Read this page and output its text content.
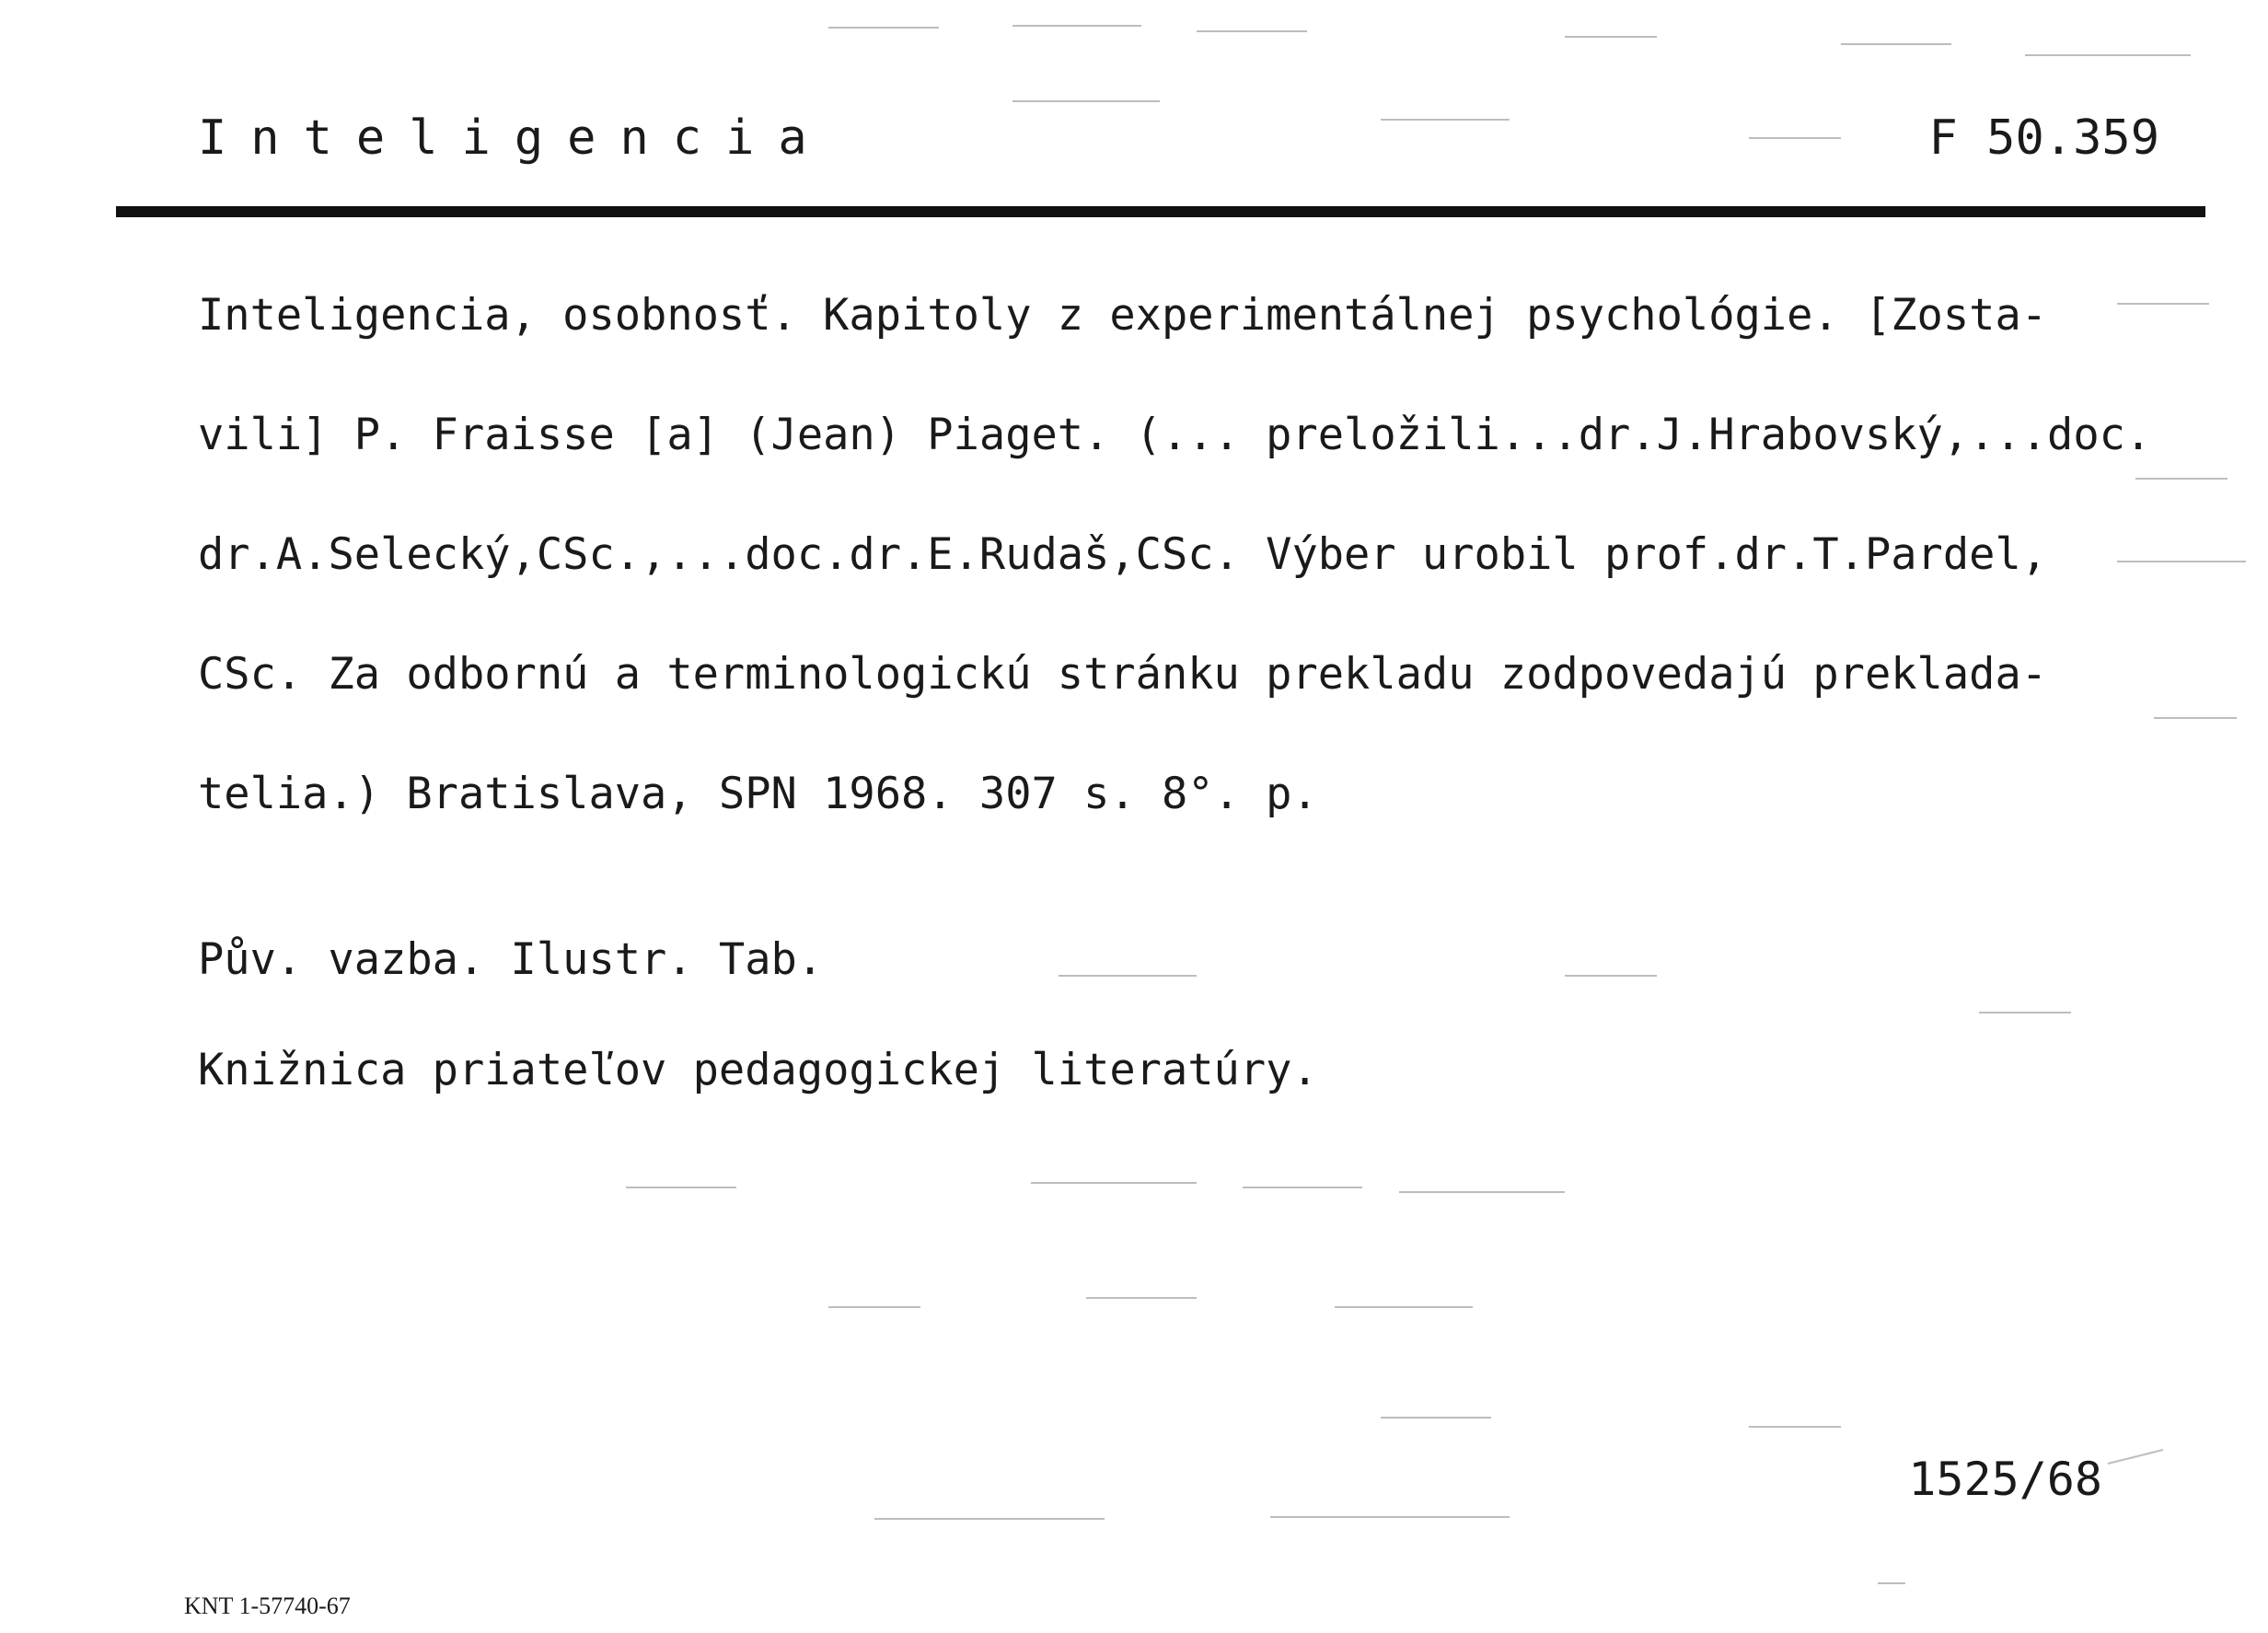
Inteligencia	F 50.359
Inteligencia, osobnosť. Kapitoly z experimentálnej psychológie. [Zosta-
vili] P. Fraisse [a] (Jean) Piaget. (... preložili...dr.J.Hrabovský,...doc.
dr.A.Selecký,CSc.,...doc.dr.E.Rudaš,CSc. Výber urobil prof.dr.T.Pardel,
CSc. Za odbornú a terminologickú stránku prekladu zodpovedajú preklada-
telia.) Bratislava, SPN 1968. 307 s. 8°. p.
Pův. vazba. Ilustr. Tab.
Knižnica priateľov pedagogickej literatúry.
1525/68
KNT 1-57740-67
